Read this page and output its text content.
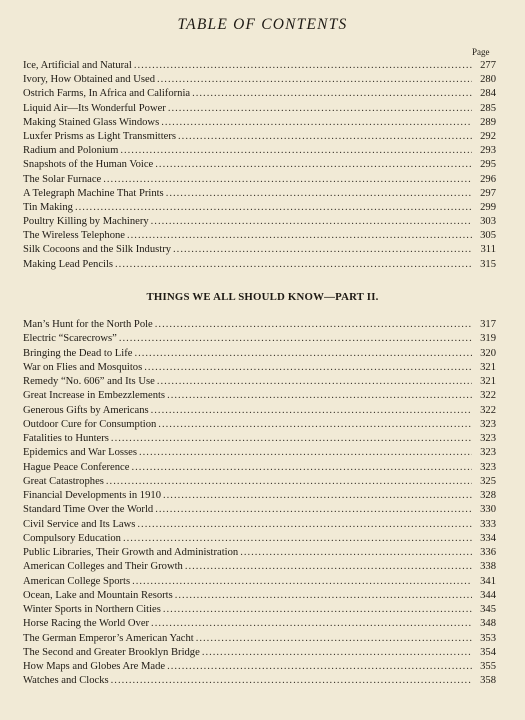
TABLE OF CONTENTS
Page
Ice, Artificial and Natural .....	277
Ivory, How Obtained and Used .....	280
Ostrich Farms, In Africa and California .....	284
Liquid Air—Its Wonderful Power .....	285
Making Stained Glass Windows .....	289
Luxfer Prisms as Light Transmitters .....	292
Radium and Polonium .....	293
Snapshots of the Human Voice .....	295
The Solar Furnace .....	296
A Telegraph Machine That Prints .....	297
Tin Making .....	299
Poultry Killing by Machinery .....	303
The Wireless Telephone .....	305
Silk Cocoons and the Silk Industry .....	311
Making Lead Pencils .....	315
THINGS WE ALL SHOULD KNOW—PART II.
Man’s Hunt for the North Pole .....	317
Electric “Scarecrows” .....	319
Bringing the Dead to Life .....	320
War on Flies and Mosquitos .....	321
Remedy “No. 606” and Its Use .....	321
Great Increase in Embezzlements .....	322
Generous Gifts by Americans .....	322
Outdoor Cure for Consumption .....	323
Fatalities to Hunters .....	323
Epidemics and War Losses .....	323
Hague Peace Conference .....	323
Great Catastrophes .....	325
Financial Developments in 1910 .....	328
Standard Time Over the World .....	330
Civil Service and Its Laws .....	333
Compulsory Education .....	334
Public Libraries, Their Growth and Administration .....	336
American Colleges and Their Growth .....	338
American College Sports .....	341
Ocean, Lake and Mountain Resorts .....	344
Winter Sports in Northern Cities .....	345
Horse Racing the World Over .....	348
The German Emperor’s American Yacht .....	353
The Second and Greater Brooklyn Bridge .....	354
How Maps and Globes Are Made .....	355
Watches and Clocks .....	358
